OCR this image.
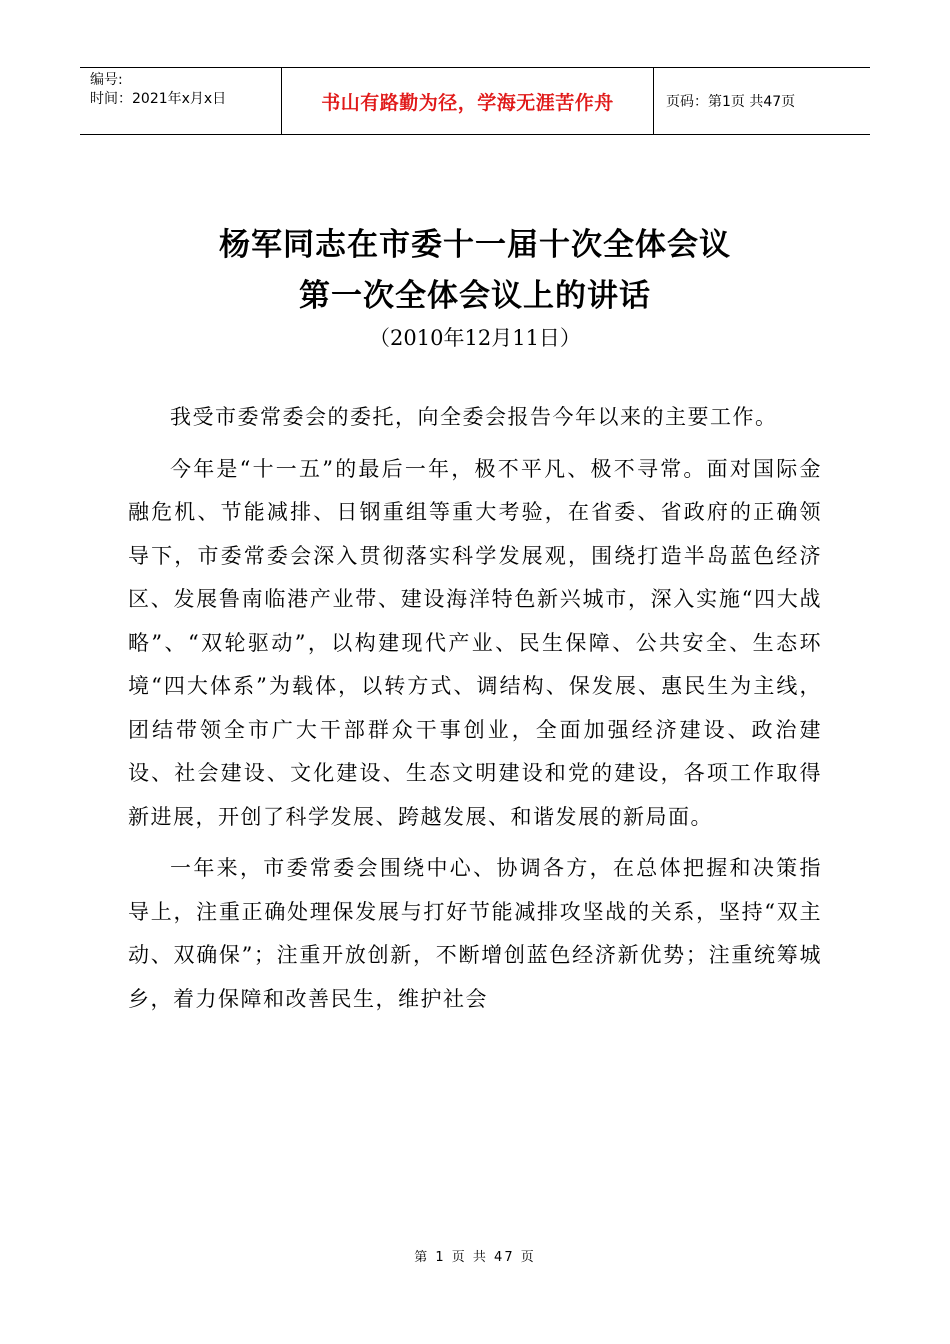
编号:
时间：2021年x月x日	书山有路勤为径，学海无涯苦作舟	页码：第1页 共47页
杨军同志在市委十一届十次全体会议
第一次全体会议上的讲话
（2010年12月11日）

我受市委常委会的委托，向全委会报告今年以来的主要工作。

今年是“十一五”的最后一年，极不平凡、极不寻常。面对国际金融危机、节能减排、日钢重组等重大考验，在省委、省政府的正确领导下，市委常委会深入贯彻落实科学发展观，围绕打造半岛蓝色经济区、发展鲁南临港产业带、建设海洋特色新兴城市，深入实施“四大战略”、“双轮驱动”，以构建现代产业、民生保障、公共安全、生态环境“四大体系”为载体，以转方式、调结构、保发展、惠民生为主线，团结带领全市广大干部群众干事创业，全面加强经济建设、政治建设、社会建设、文化建设、生态文明建设和党的建设，各项工作取得新进展，开创了科学发展、跨越发展、和谐发展的新局面。

一年来，市委常委会围绕中心、协调各方，在总体把握和决策指导上，注重正确处理保发展与打好节能减排攻坚战的关系，坚持“双主动、双确保”；注重开放创新，不断增创蓝色经济新优势；注重统筹城乡，着力保障和改善民生，维护社会

第 1 页 共 47 页
